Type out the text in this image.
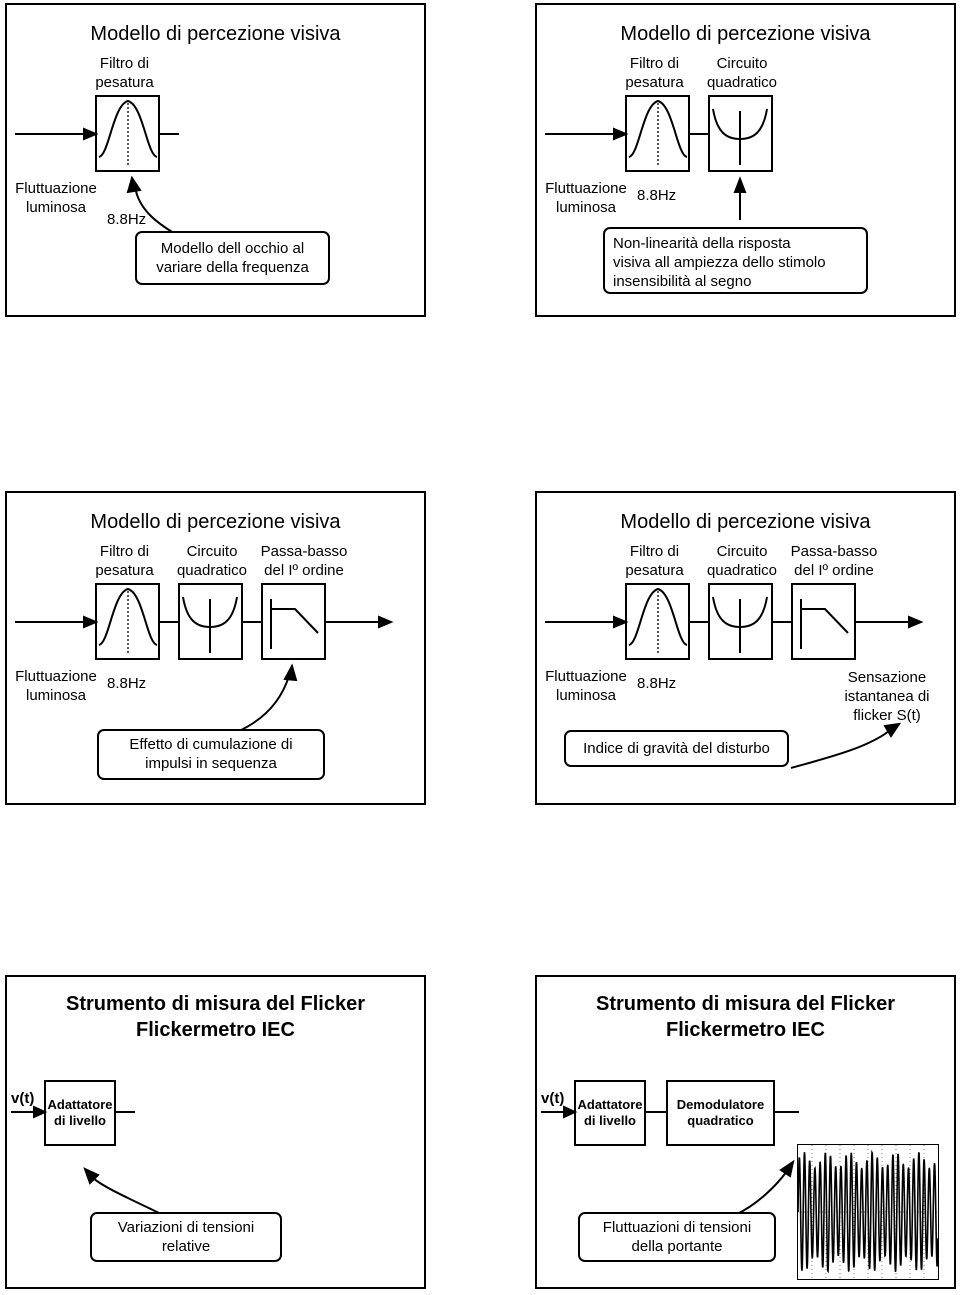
Modello di percezione visiva
Filtro di
pesatura
Fluttuazione
luminosa
8.8Hz
Modello dell occhio al
variare della frequenza
Modello di percezione visiva
Filtro di
pesatura
Circuito
quadratico
Fluttuazione
luminosa
8.8Hz
Non-linearità della risposta
visiva all ampiezza dello stimolo
insensibilità al segno
Modello di percezione visiva
Filtro di
pesatura
Circuito
quadratico
Passa-basso
del Iº ordine
Fluttuazione
luminosa
8.8Hz
Effetto di cumulazione di
impulsi in sequenza
Modello di percezione visiva
Filtro di
pesatura
Circuito
quadratico
Passa-basso
del Iº ordine
Fluttuazione
luminosa
8.8Hz	Sensazione
istantanea di
flicker S(t)
Indice di gravità del disturbo
Strumento di misura del Flicker
Flickermetro IEC
v(t) Adattatore
di livello
Variazioni di tensioni
relative
Strumento di misura del Flicker
Flickermetro IEC
v(t) Adattatore
di livello
Demodulatore
quadratico
Fluttuazioni di tensioni
della portante
